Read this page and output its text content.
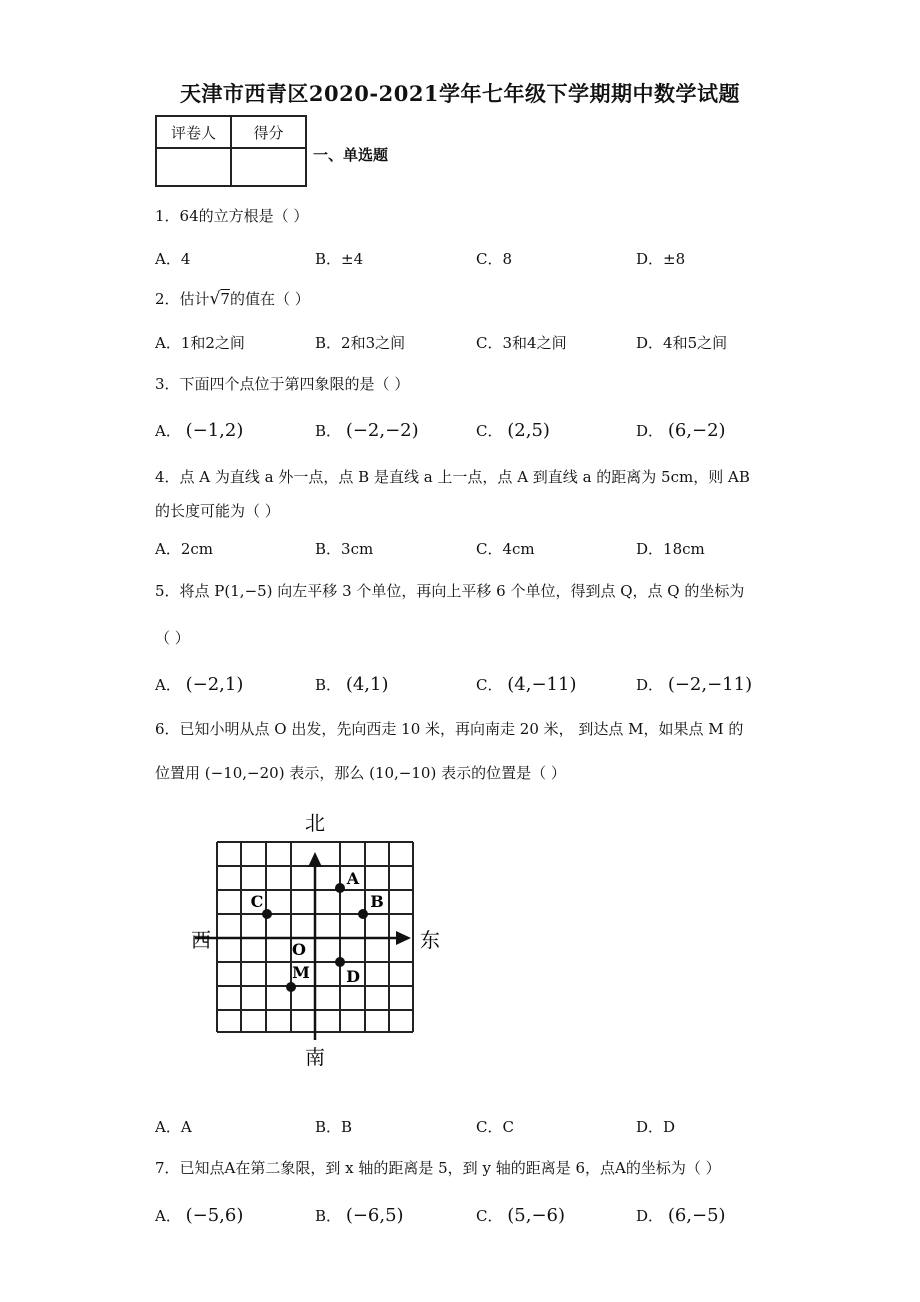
天津市西青区2020-2021学年七年级下学期期中数学试题
评卷人	得分

一、单选题
1．64的立方根是（ ）
A．4	B．±4	C．8	D．±8
2．估计√7的值在（ ）
A．1和2之间	B．2和3之间	C．3和4之间	D．4和5之间
3．下面四个点位于第四象限的是（ ）
A． (−1,2)	B． (−2,−2)	C． (2,5)	D． (6,−2)
4．点 A 为直线 a 外一点，点 B 是直线 a 上一点，点 A 到直线 a 的距离为 5cm，则 AB
的长度可能为（ ）
A．2cm	B．3cm	C．4cm	D．18cm
5．将点 P(1,−5) 向左平移 3 个单位，再向上平移 6 个单位，得到点 Q，点 Q 的坐标为
（ ）
A． (−2,1)	B． (4,1)	C． (4,−11)	D． (−2,−11)
6．已知小明从点 O 出发，先向西走 10 米，再向南走 20 米， 到达点 M，如果点 M 的
位置用 (−10,−20) 表示，那么 (10,−10) 表示的位置是（ ）
北
南
西	东
O
A
B
C
D
M
A．A	B．B	C．C	D．D
7．已知点A在第二象限，到 x 轴的距离是 5，到 y 轴的距离是 6，点A的坐标为（ ）
A． (−5,6)	B． (−6,5)	C． (5,−6)	D． (6,−5)
